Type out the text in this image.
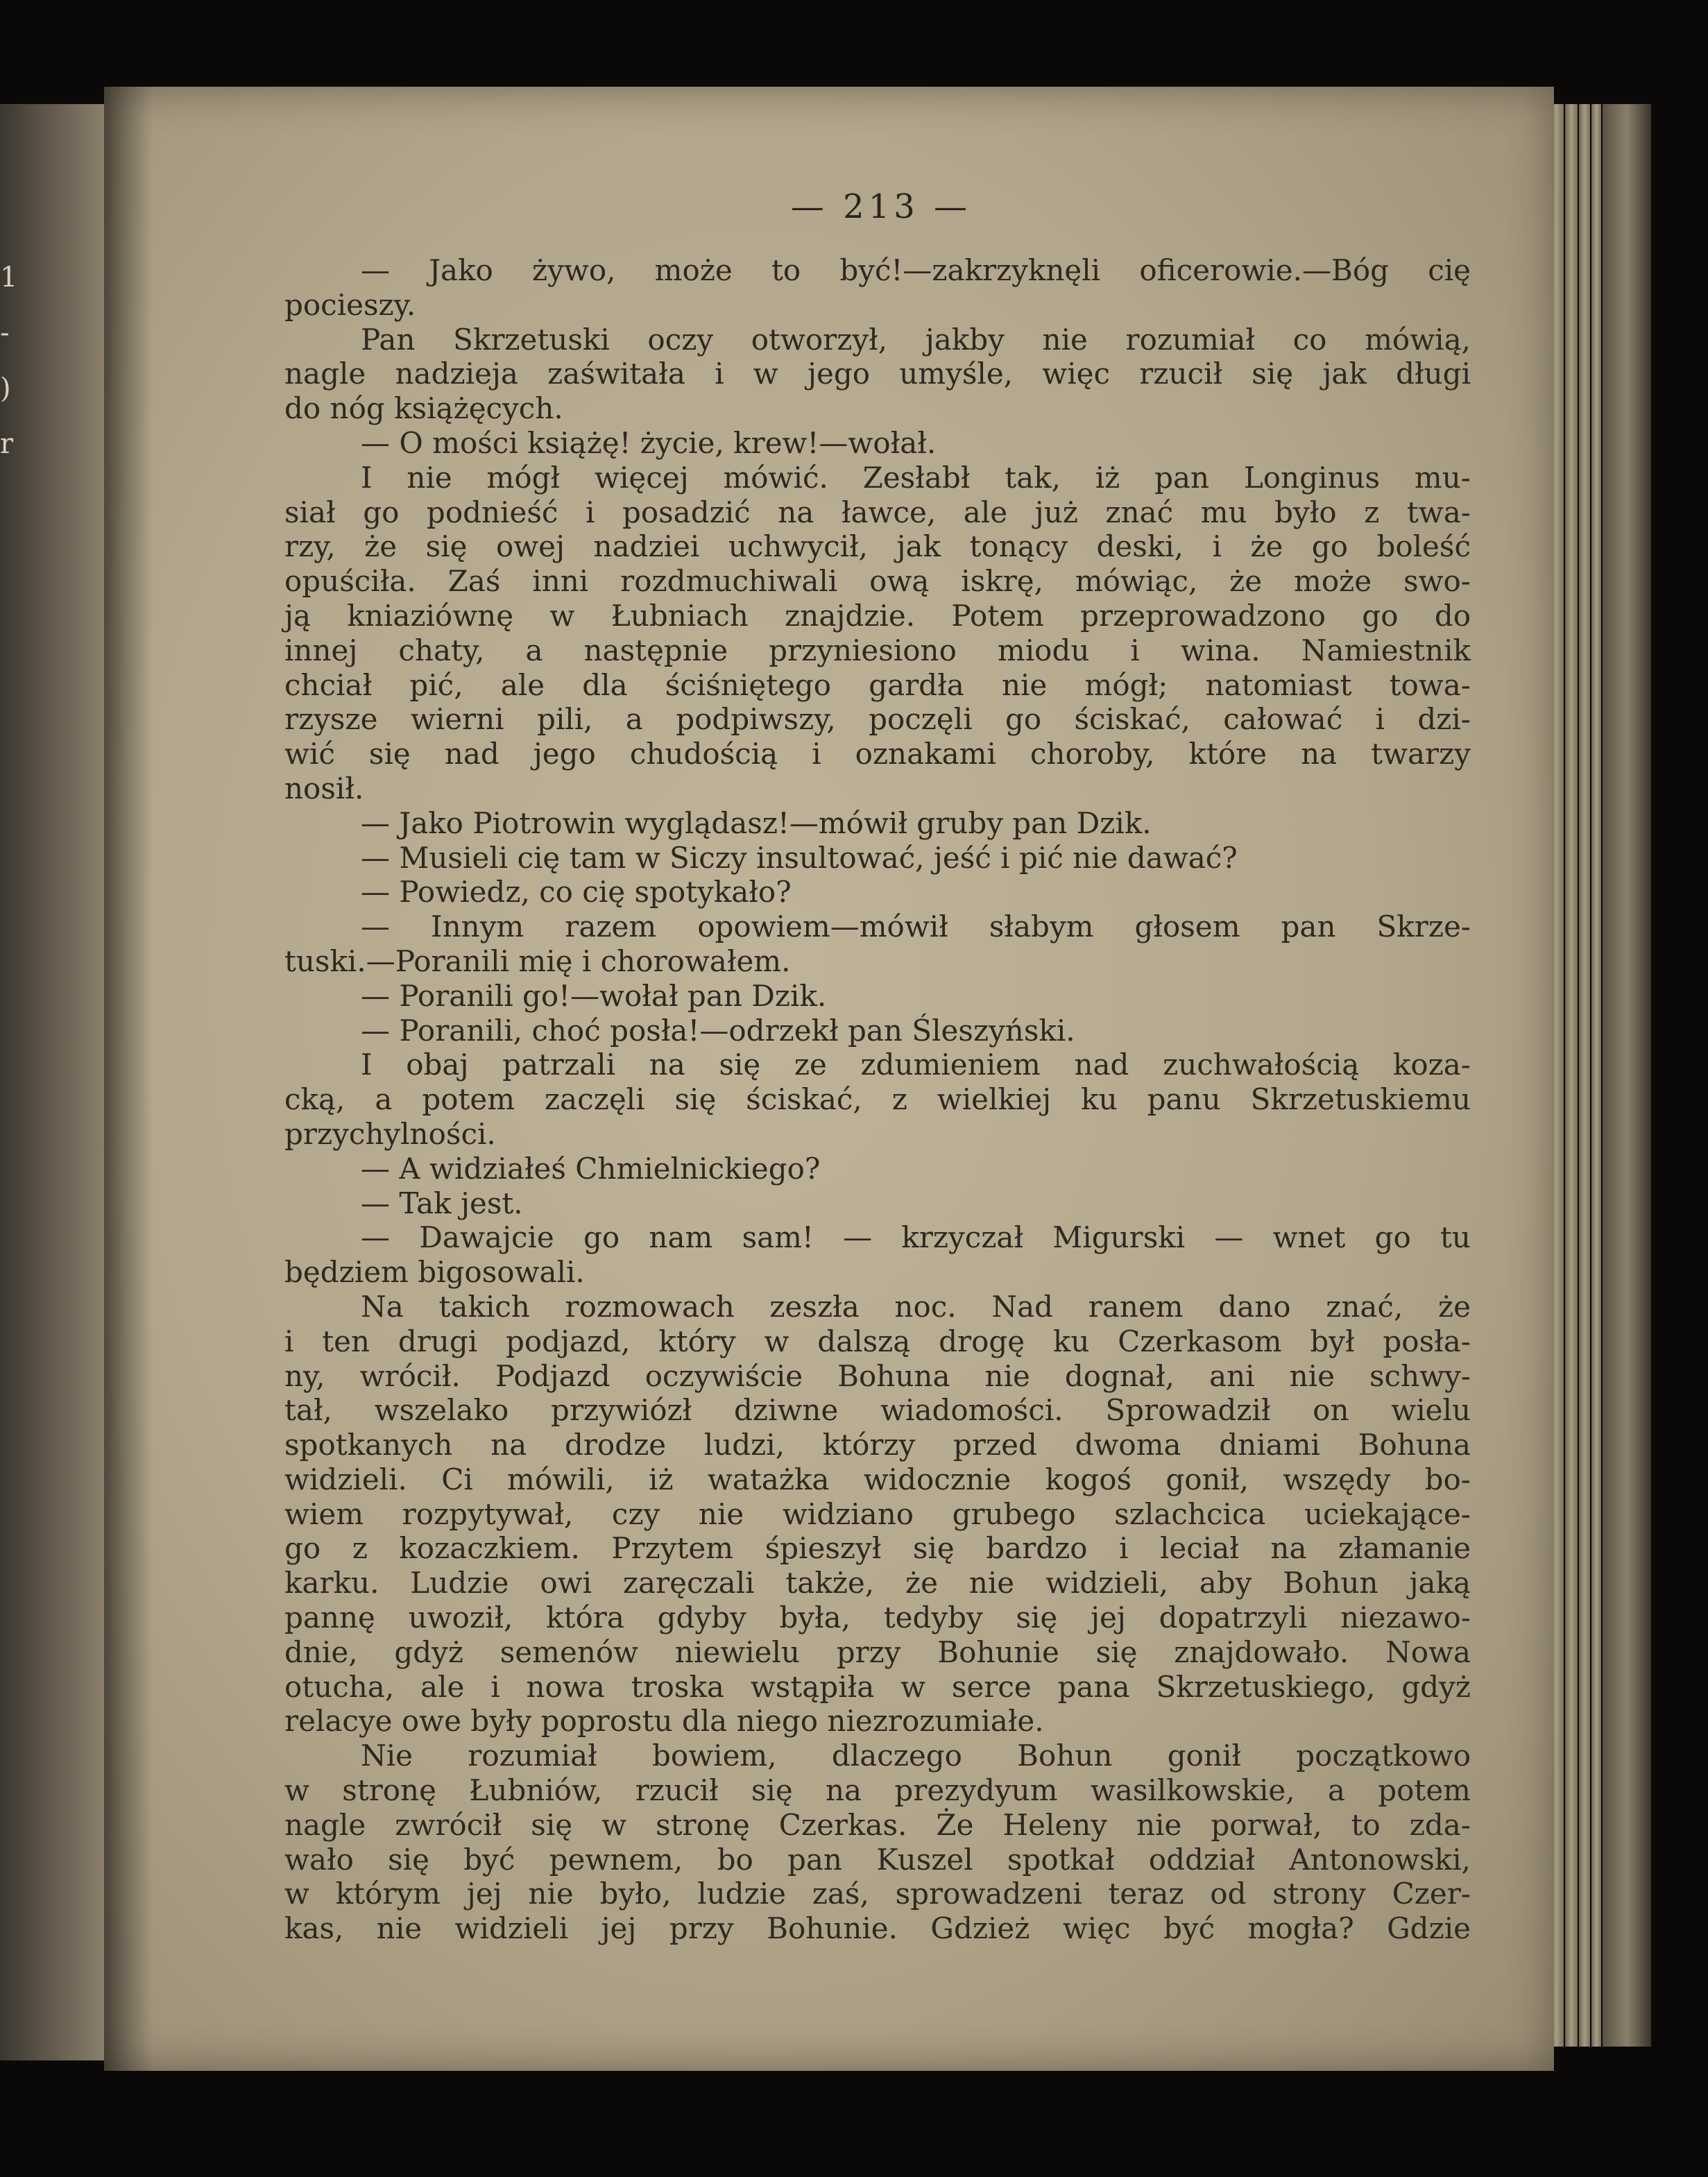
1
-
)
r
— 213 —
— Jako żywo, może to być!—zakrzyknęli oficerowie.—Bóg cię
pocieszy.
Pan Skrzetuski oczy otworzył, jakby nie rozumiał co mówią,
nagle nadzieja zaświtała i w jego umyśle, więc rzucił się jak długi
do nóg książęcych.
— O mości książę! życie, krew!—wołał.
I nie mógł więcej mówić. Zesłabł tak, iż pan Longinus mu-
siał go podnieść i posadzić na ławce, ale już znać mu było z twa-
rzy, że się owej nadziei uchwycił, jak tonący deski, i że go boleść
opuściła. Zaś inni rozdmuchiwali ową iskrę, mówiąc, że może swo-
ją kniaziównę w Łubniach znajdzie. Potem przeprowadzono go do
innej chaty, a następnie przyniesiono miodu i wina. Namiestnik
chciał pić, ale dla ściśniętego gardła nie mógł; natomiast towa-
rzysze wierni pili, a podpiwszy, poczęli go ściskać, całować i dzi-
wić się nad jego chudością i oznakami choroby, które na twarzy
nosił.
— Jako Piotrowin wyglądasz!—mówił gruby pan Dzik.
— Musieli cię tam w Siczy insultować, jeść i pić nie dawać?
— Powiedz, co cię spotykało?
— Innym razem opowiem—mówił słabym głosem pan Skrze-
tuski.—Poranili mię i chorowałem.
— Poranili go!—wołał pan Dzik.
— Poranili, choć posła!—odrzekł pan Śleszyński.
I obaj patrzali na się ze zdumieniem nad zuchwałością koza-
cką, a potem zaczęli się ściskać, z wielkiej ku panu Skrzetuskiemu
przychylności.
— A widziałeś Chmielnickiego?
— Tak jest.
— Dawajcie go nam sam! — krzyczał Migurski — wnet go tu
będziem bigosowali.
Na takich rozmowach zeszła noc. Nad ranem dano znać, że
i ten drugi podjazd, który w dalszą drogę ku Czerkasom był posła-
ny, wrócił. Podjazd oczywiście Bohuna nie dognał, ani nie schwy-
tał, wszelako przywiózł dziwne wiadomości. Sprowadził on wielu
spotkanych na drodze ludzi, którzy przed dwoma dniami Bohuna
widzieli. Ci mówili, iż watażka widocznie kogoś gonił, wszędy bo-
wiem rozpytywał, czy nie widziano grubego szlachcica uciekające-
go z kozaczkiem. Przytem śpieszył się bardzo i leciał na złamanie
karku. Ludzie owi zaręczali także, że nie widzieli, aby Bohun jaką
pannę uwoził, która gdyby była, tedyby się jej dopatrzyli niezawo-
dnie, gdyż semenów niewielu przy Bohunie się znajdowało. Nowa
otucha, ale i nowa troska wstąpiła w serce pana Skrzetuskiego, gdyż
relacye owe były poprostu dla niego niezrozumiałe.
Nie rozumiał bowiem, dlaczego Bohun gonił początkowo
w stronę Łubniów, rzucił się na prezydyum wasilkowskie, a potem
nagle zwrócił się w stronę Czerkas. Że Heleny nie porwał, to zda-
wało się być pewnem, bo pan Kuszel spotkał oddział Antonowski,
w którym jej nie było, ludzie zaś, sprowadzeni teraz od strony Czer-
kas, nie widzieli jej przy Bohunie. Gdzież więc być mogła? Gdzie
